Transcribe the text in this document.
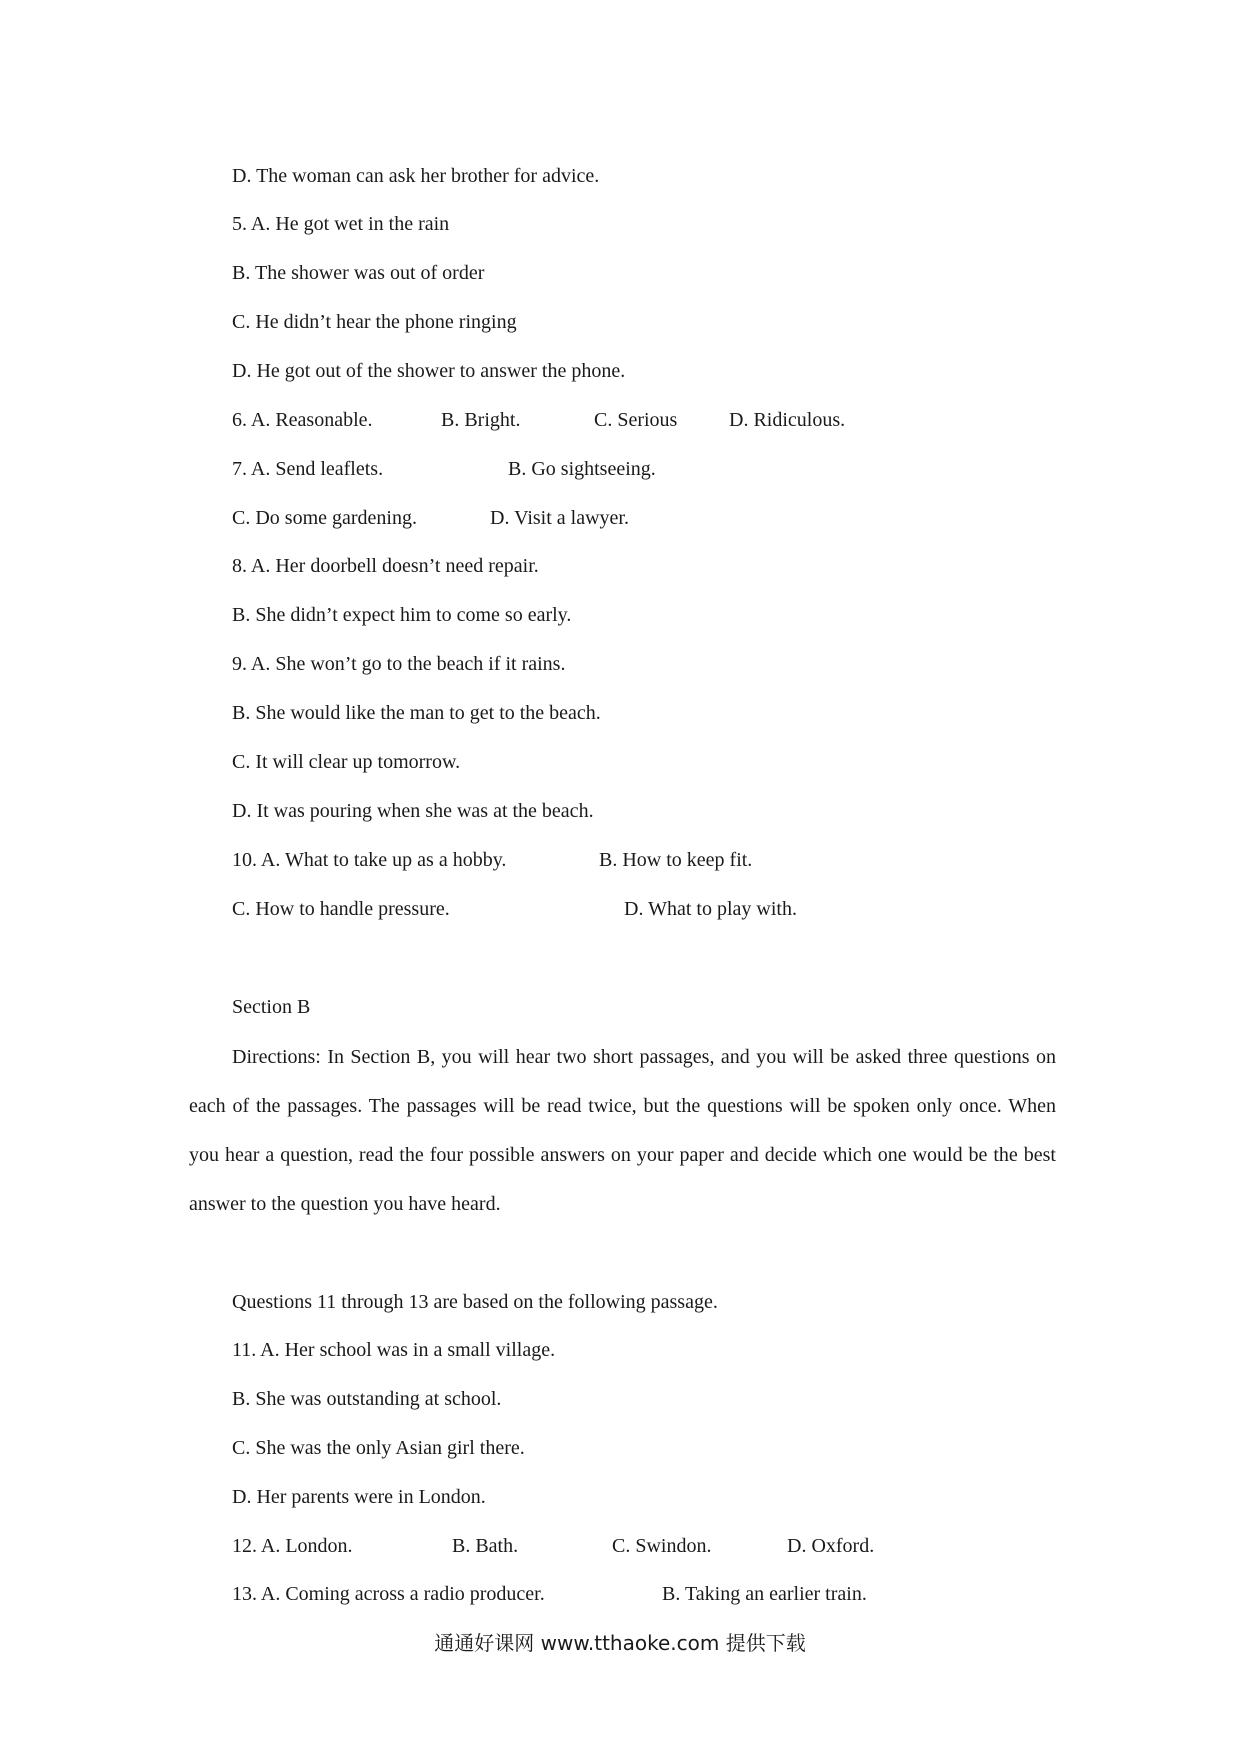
D. The woman can ask her brother for advice.
5. A. He got wet in the rain
B. The shower was out of order
C. He didn’t hear the phone ringing
D. He got out of the shower to answer the phone.
6. A. Reasonable.	B. Bright.	C. Serious	D. Ridiculous.
7. A. Send leaflets.	B. Go sightseeing.
C. Do some gardening.	D. Visit a lawyer.
8. A. Her doorbell doesn’t need repair.
B. She didn’t expect him to come so early.
9. A. She won’t go to the beach if it rains.
B. She would like the man to get to the beach.
C. It will clear up tomorrow.
D. It was pouring when she was at the beach.
10. A. What to take up as a hobby.	B. How to keep fit.
C. How to handle pressure.	D. What to play with.
Section B
Directions: In Section B, you will hear two short passages, and you will be asked three questions on each of the passages. The passages will be read twice, but the questions will be spoken only once. When you hear a question, read the four possible answers on your paper and decide which one would be the best answer to the question you have heard.
Questions 11 through 13 are based on the following passage.
11. A. Her school was in a small village.
B. She was outstanding at school.
C. She was the only Asian girl there.
D. Her parents were in London.
12. A. London.	B. Bath.	C. Swindon.	D. Oxford.
13. A. Coming across a radio producer.	B. Taking an earlier train.
通通好课网 www.tthaoke.com 提供下载
